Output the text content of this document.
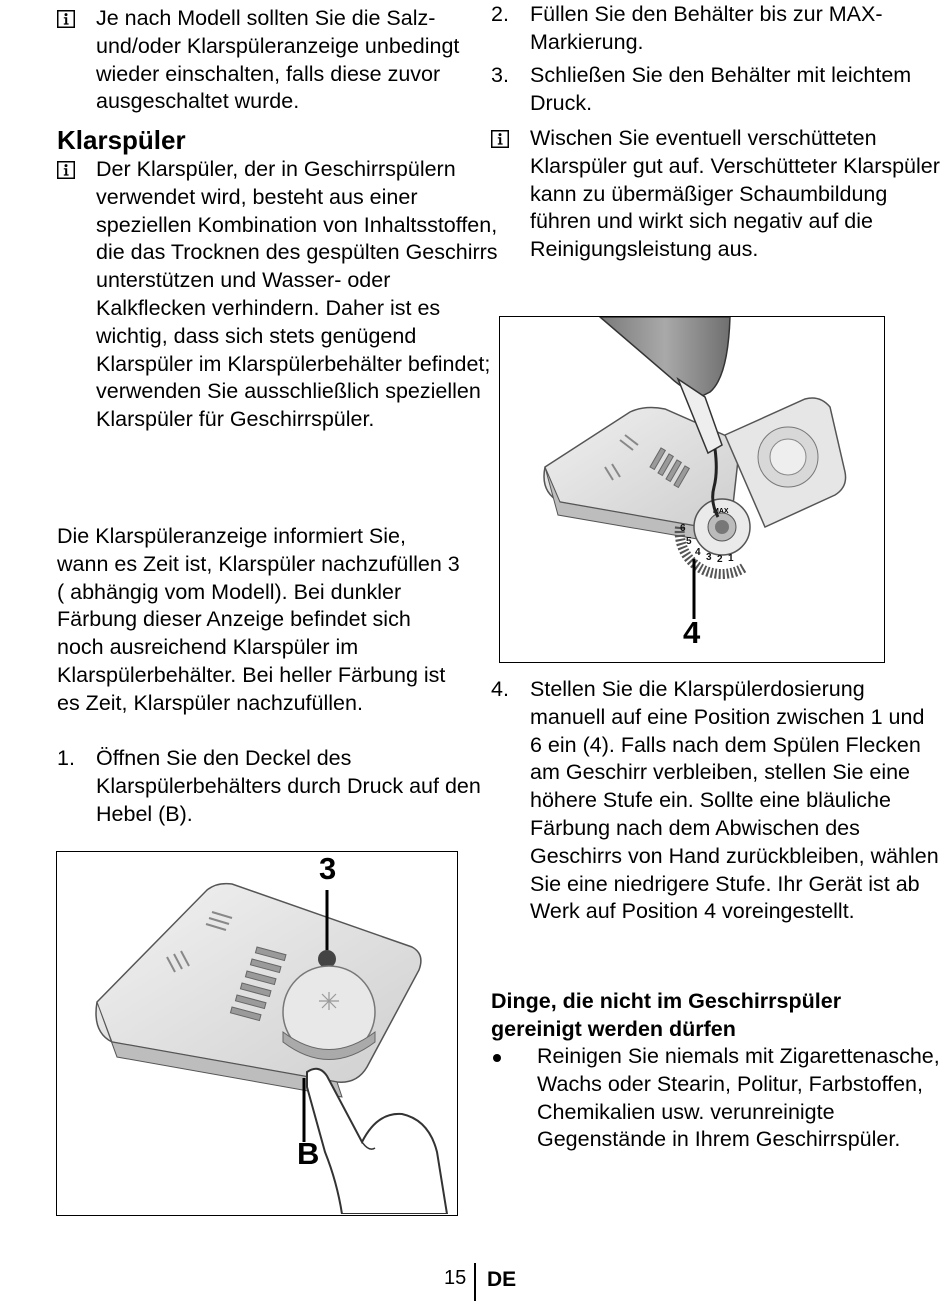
Je nach Modell sollten Sie die Salz- und/oder Klarspüleranzeige unbedingt wieder einschalten, falls diese zuvor ausgeschaltet wurde.

Klarspüler

Der Klarspüler, der in Geschirrspülern verwendet wird, besteht aus einer speziellen Kombination von Inhaltsstoffen, die das Trocknen des gespülten Geschirrs unterstützen und Wasser- oder Kalkflecken verhindern. Daher ist es wichtig, dass sich stets genügend Klarspüler im Klarspülerbehälter befindet; verwenden Sie ausschließlich speziellen Klarspüler für Geschirrspüler.

Die Klarspüleranzeige informiert Sie, wann es Zeit ist, Klarspüler nachzufüllen 3 ( abhängig vom Modell). Bei dunkler Färbung dieser Anzeige befindet sich noch ausreichend Klarspüler im Klarspülerbehälter. Bei heller Färbung ist es Zeit, Klarspüler nachzufüllen.

1. Öffnen Sie den Deckel des Klarspülerbehälters durch Druck auf den Hebel (B).

3
B
2. Füllen Sie den Behälter bis zur MAX-Markierung.

3. Schließen Sie den Behälter mit leichtem Druck.

Wischen Sie eventuell verschütteten Klarspüler gut auf. Verschütteter Klarspüler kann zu übermäßiger Schaumbildung führen und wirkt sich negativ auf die Reinigungsleistung aus.

4. Stellen Sie die Klarspülerdosierung manuell auf eine Position zwischen 1 und 6 ein (4). Falls nach dem Spülen Flecken am Geschirr verbleiben, stellen Sie eine höhere Stufe ein. Sollte eine bläuliche Färbung nach dem Abwischen des Geschirrs von Hand zurückbleiben, wählen Sie eine niedrigere Stufe. Ihr Gerät ist ab Werk auf Position 4 voreingestellt.

Dinge, die nicht im Geschirrspüler gereinigt werden dürfen

Reinigen Sie niemals mit Zigarettenasche, Wachs oder Stearin, Politur, Farbstoffen, Chemikalien usw. verunreinigte Gegenstände in Ihrem Geschirrspüler.

MAX
6
5
4 3 2 1
4
15 DE
